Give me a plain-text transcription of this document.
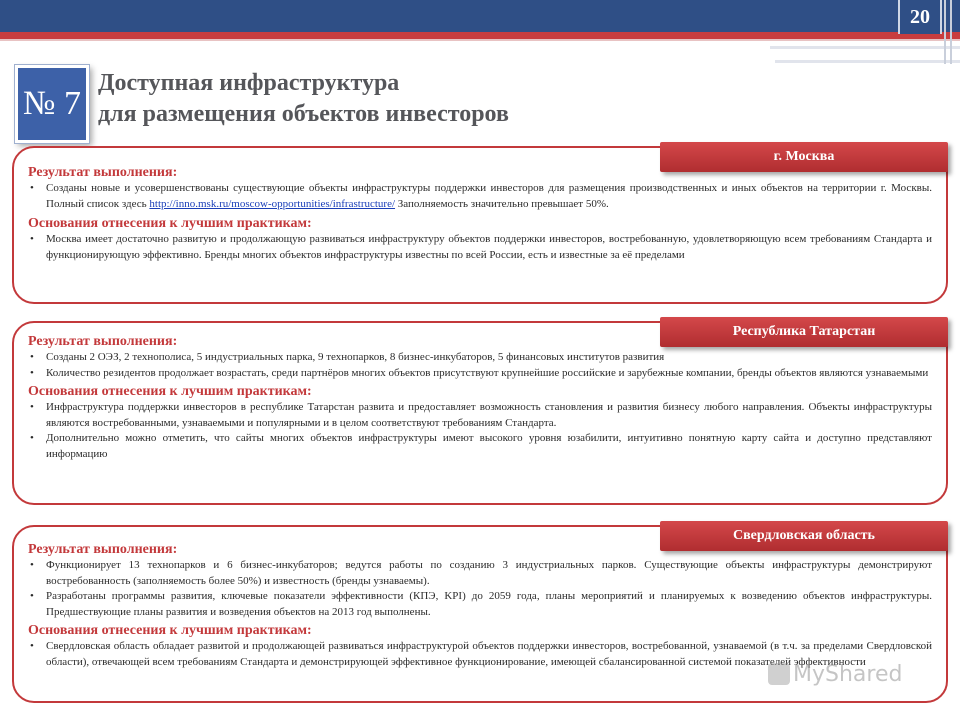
20
№ 7
Доступная инфраструктура
для размещения объектов инвесторов
г. Москва
Результат выполнения:
• Созданы новые и усовершенствованы существующие объекты инфраструктуры поддержки инвесторов для размещения производственных и иных объектов на территории г. Москвы. Полный список здесь http://inno.msk.ru/moscow-opportunities/infrastructure/ Заполняемость значительно превышает 50%.
Основания отнесения к лучшим практикам:
• Москва имеет достаточно развитую и продолжающую развиваться инфраструктуру объектов поддержки инвесторов, востребованную, удовлетворяющую всем требованиям Стандарта и функционирующую эффективно. Бренды многих объектов инфраструктуры известны по всей России, есть и известные за её пределами
Республика Татарстан
Результат выполнения:
• Созданы 2 ОЭЗ, 2 технополиса, 5 индустриальных парка, 9 технопарков, 8 бизнес-инкубаторов, 5 финансовых институтов развития
• Количество резидентов продолжает возрастать, среди партнёров многих объектов присутствуют крупнейшие российские и зарубежные компании, бренды объектов являются узнаваемыми
Основания отнесения к лучшим практикам:
• Инфраструктура поддержки инвесторов в республике Татарстан развита и предоставляет возможность становления и развития бизнесу любого направления. Объекты инфраструктуры являются востребованными, узнаваемыми и популярными и в целом соответствуют требованиям Стандарта.
• Дополнительно можно отметить, что сайты многих объектов инфраструктуры имеют высокого уровня юзабилити, интуитивно понятную карту сайта и доступно представляют информацию
Свердловская область
Результат выполнения:
• Функционирует 13 технопарков и 6 бизнес-инкубаторов; ведутся работы по созданию 3 индустриальных парков. Существующие объекты инфраструктуры демонстрируют востребованность (заполняемость более 50%) и известность (бренды узнаваемы).
• Разработаны программы развития, ключевые показатели эффективности (КПЭ, KPI) до 2059 года, планы мероприятий и планируемых к возведению объектов инфраструктуры. Предшествующие планы развития и возведения объектов на 2013 год выполнены.
Основания отнесения к лучшим практикам:
• Свердловская область обладает развитой и продолжающей развиваться инфраструктурой объектов поддержки инвесторов, востребованной, узнаваемой (в т.ч. за пределами Свердловской области), отвечающей всем требованиям Стандарта и демонстрирующей эффективное функционирование, имеющей сбалансированной системой показателей эффективности
MyShared
